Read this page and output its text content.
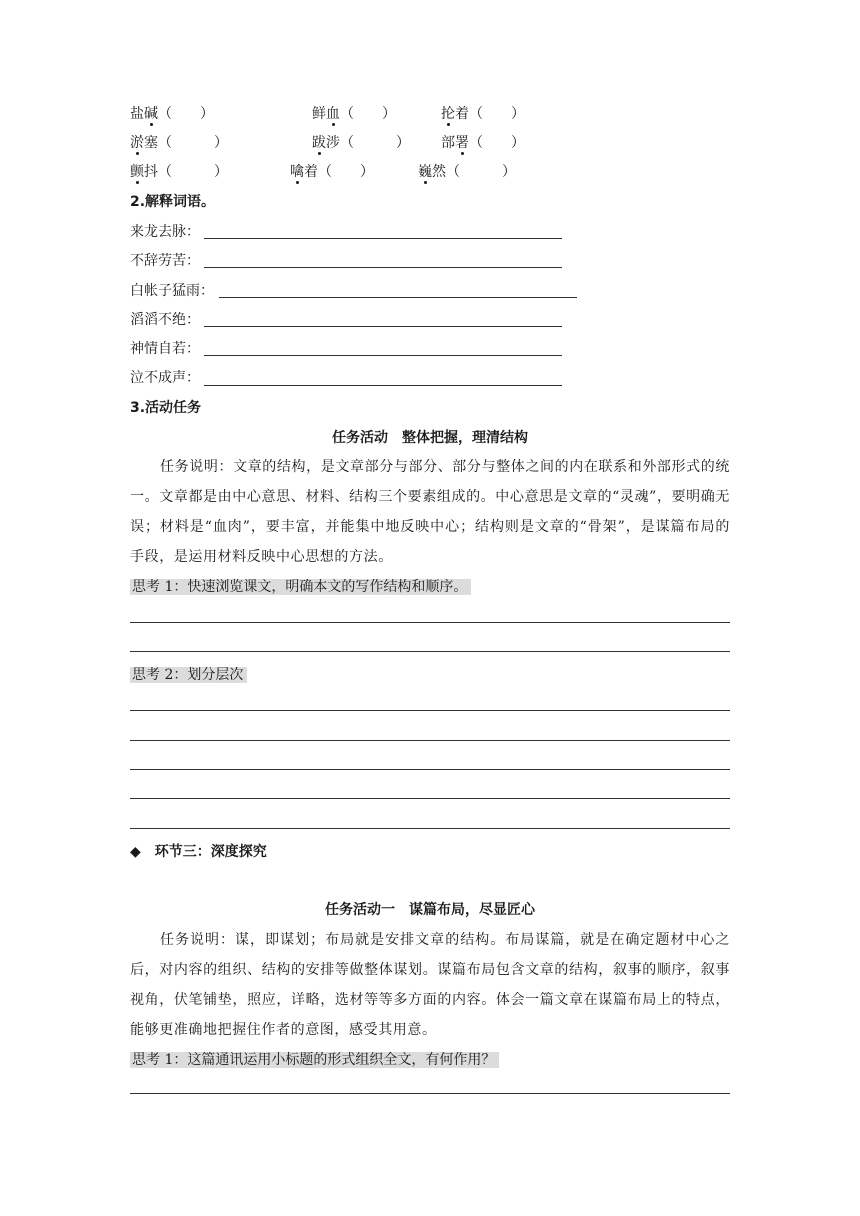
盐碱（　　）	鲜血（　　）	抡着（　　）
淤塞（　　　）	跋涉（　　　） 部署（　　）
颤抖（　　　）	噙着（　　）	巍然（　　　）
2.解释词语。
来龙去脉：
不辞劳苦：
白帐子猛雨：
滔滔不绝：
神情自若：
泣不成声：
3.活动任务
任务活动　整体把握，理清结构
任务说明：文章的结构，是文章部分与部分、部分与整体之间的内在联系和外部形式的统一。文章都是由中心意思、材料、结构三个要素组成的。中心意思是文章的“灵魂”，要明确无误；材料是“血肉”，要丰富，并能集中地反映中心；结构则是文章的“骨架”，是谋篇布局的手段，是运用材料反映中心思想的方法。
思考 1：快速浏览课文，明确本文的写作结构和顺序。
思考 2：划分层次
◆ 环节三：深度探究
任务活动一　谋篇布局，尽显匠心
任务说明：谋，即谋划；布局就是安排文章的结构。布局谋篇，就是在确定题材中心之后，对内容的组织、结构的安排等做整体谋划。谋篇布局包含文章的结构，叙事的顺序，叙事视角，伏笔铺垫，照应，详略，选材等等多方面的内容。体会一篇文章在谋篇布局上的特点，能够更准确地把握住作者的意图，感受其用意。
思考 1：这篇通讯运用小标题的形式组织全文，有何作用？
